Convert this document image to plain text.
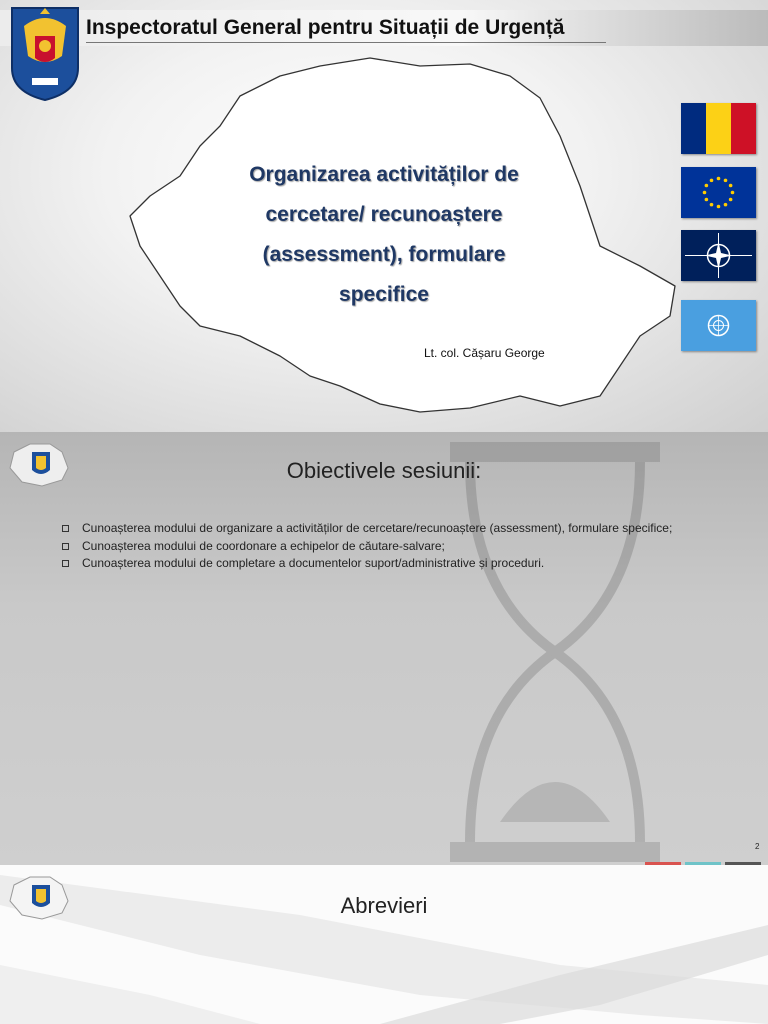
Inspectoratul General pentru Situații de Urgență
Organizarea activităților de
cercetare/ recunoaștere
(assessment), formulare
specifice
Lt. col. Cășaru George
Obiectivele sesiunii:
Cunoașterea modului de organizare a activităților de cercetare/recunoaștere (assessment), formulare specifice;
Cunoașterea modului de coordonare a echipelor de căutare-salvare;
Cunoașterea modului de completare a documentelor suport/administrative și proceduri.
2
Abrevieri
